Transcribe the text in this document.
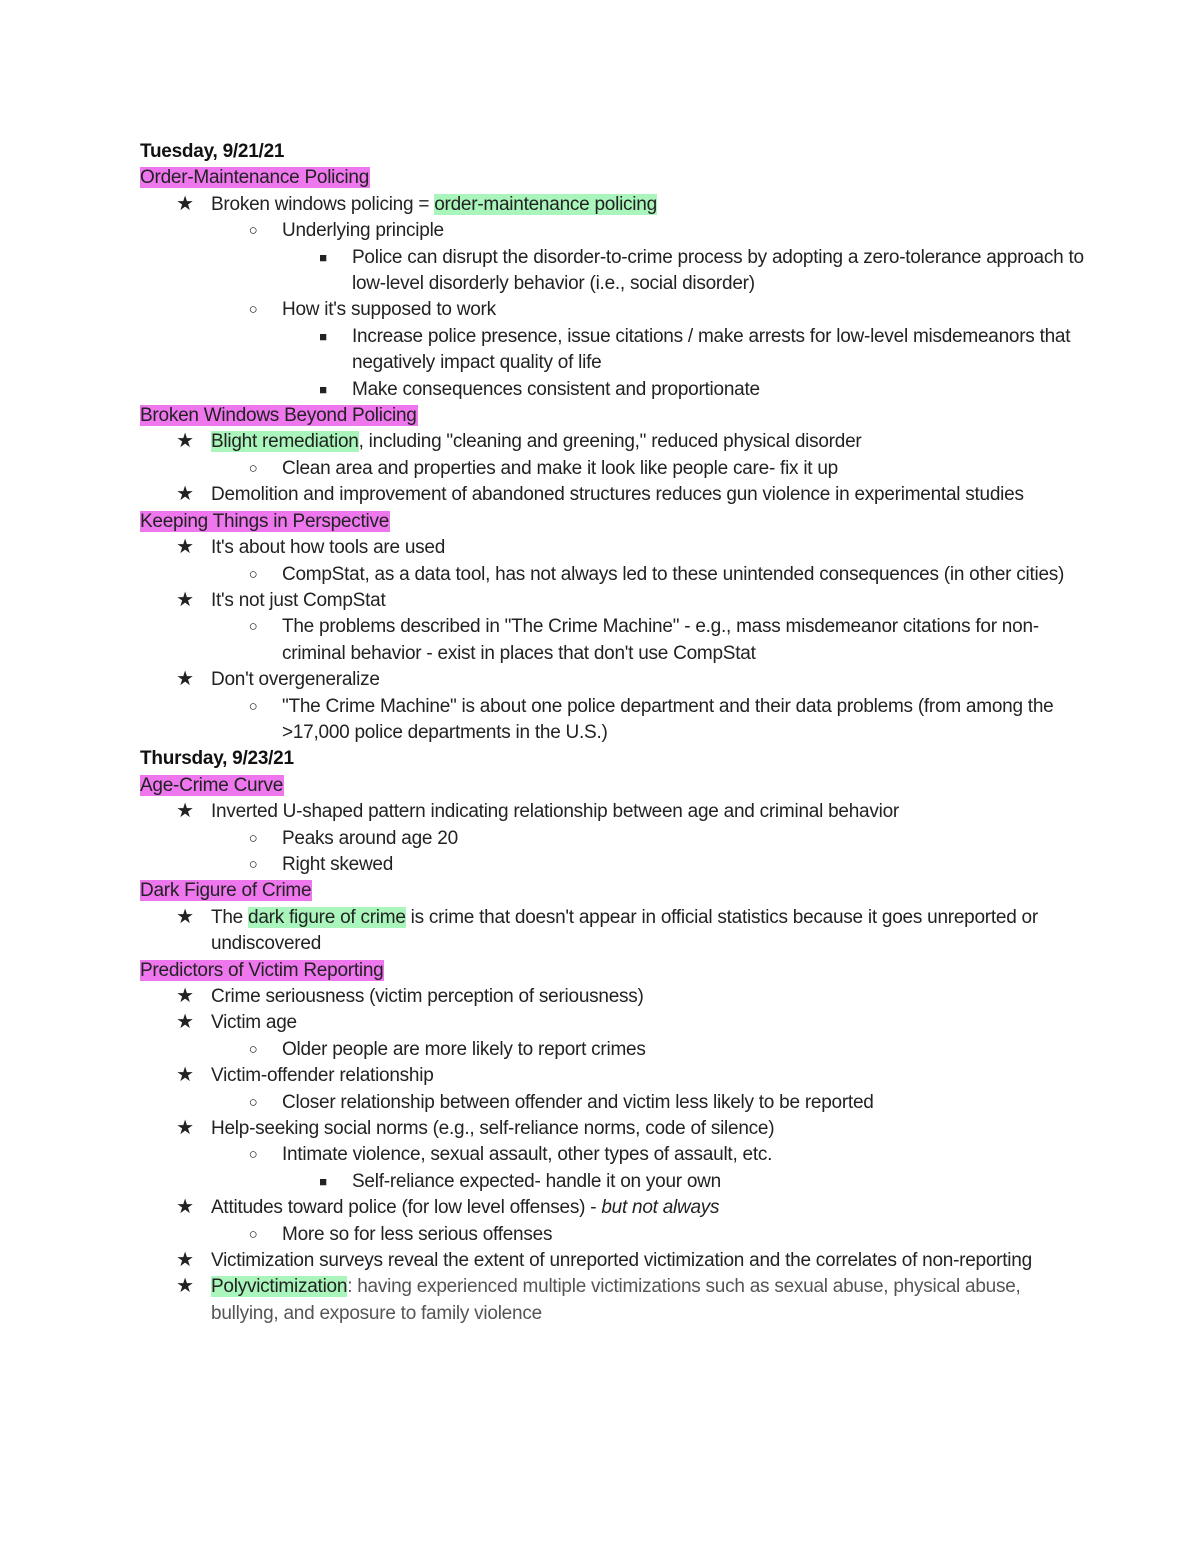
Tuesday, 9/21/21
Order-Maintenance Policing
★ Broken windows policing = order-maintenance policing
○	Underlying principle
■	Police can disrupt the disorder-to-crime process by adopting a zero-tolerance approach to low-level disorderly behavior (i.e., social disorder)
○	How it's supposed to work
■	Increase police presence, issue citations / make arrests for low-level misdemeanors that negatively impact quality of life
■	Make consequences consistent and proportionate
Broken Windows Beyond Policing
★ Blight remediation, including "cleaning and greening," reduced physical disorder
○	Clean area and properties and make it look like people care- fix it up
★ Demolition and improvement of abandoned structures reduces gun violence in experimental studies
Keeping Things in Perspective
★ It's about how tools are used
○	CompStat, as a data tool, has not always led to these unintended consequences (in other cities)
★ It's not just CompStat
○	The problems described in "The Crime Machine" - e.g., mass misdemeanor citations for non-criminal behavior - exist in places that don't use CompStat
★ Don't overgeneralize
○	"The Crime Machine" is about one police department and their data problems (from among the >17,000 police departments in the U.S.)
Thursday, 9/23/21
Age-Crime Curve
★ Inverted U-shaped pattern indicating relationship between age and criminal behavior
○	Peaks around age 20
○	Right skewed
Dark Figure of Crime
★ The dark figure of crime is crime that doesn't appear in official statistics because it goes unreported or undiscovered
Predictors of Victim Reporting
★ Crime seriousness (victim perception of seriousness)
★ Victim age
○	Older people are more likely to report crimes
★ Victim-offender relationship
○	Closer relationship between offender and victim less likely to be reported
★ Help-seeking social norms (e.g., self-reliance norms, code of silence)
○	Intimate violence, sexual assault, other types of assault, etc.
■	Self-reliance expected- handle it on your own
★ Attitudes toward police (for low level offenses) - but not always
○	More so for less serious offenses
★ Victimization surveys reveal the extent of unreported victimization and the correlates of non-reporting
★ Polyvictimization: having experienced multiple victimizations such as sexual abuse, physical abuse, bullying, and exposure to family violence
